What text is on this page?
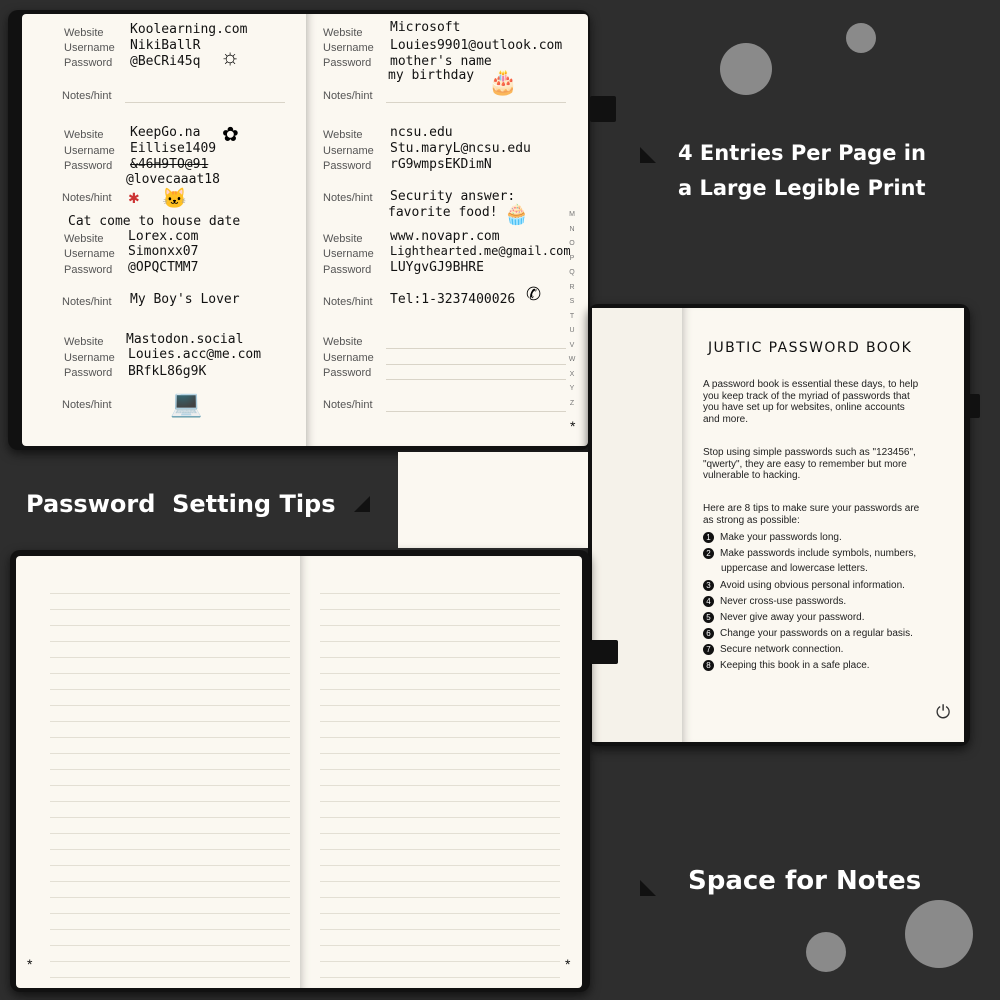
Website
Username
Password
Koolearning.com
NikiBallR
@BeCRi45q ☼
Notes/hint
Website
Username
Password
KeepGo.na
Eillise1409
&46H9TO@91
@lovecaaat18
✿
Notes/hint ✱ 🐱
Cat come to house date
Website
Username
Password
Lorex.com
Simonxx07
@OPQCTMM7
Notes/hint My Boy's Lover
Website
Username
Password
Mastodon.social
Louies.acc@me.com
BRfkL86g9K
Notes/hint 💻
Website
Username
Password
Microsoft
Louies9901@outlook.com
mother's name
my birthday 🎂
Notes/hint
Website
Username
Password
ncsu.edu
Stu.maryL@ncsu.edu
rG9wmpsEKDimN
Notes/hint Security answer:
favorite food! 🧁
Website
Username
Password
www.novapr.com
Lighthearted.me@gmail.com
LUYgvGJ9BHRE
Notes/hint Tel:1-3237400026 ✆
Website
Username
Password
Notes/hint
M
N
O
P
Q
R
S
T
U
V
W
X
Y
Z
*
4 Entries Per Page in
a Large Legible Print
Password  Setting Tips
JUBTIC PASSWORD BOOK
A password book is essential these days, to help
you keep track of the myriad of passwords that
you have set up for websites, online accounts
and more.
Stop using simple passwords such as "123456",
"qwerty", they are easy to remember but more
vulnerable to hacking.
Here are 8 tips to make sure your passwords are
as strong as possible:
1 Make your passwords long.
2 Make passwords include symbols, numbers,
uppercase and lowercase letters.
3 Avoid using obvious personal information.
4 Never cross-use passwords.
5 Never give away your password.
6 Change your passwords on a regular basis.
7 Secure network connection.
8 Keeping this book in a safe place.
⏻
*	*
Space for Notes
